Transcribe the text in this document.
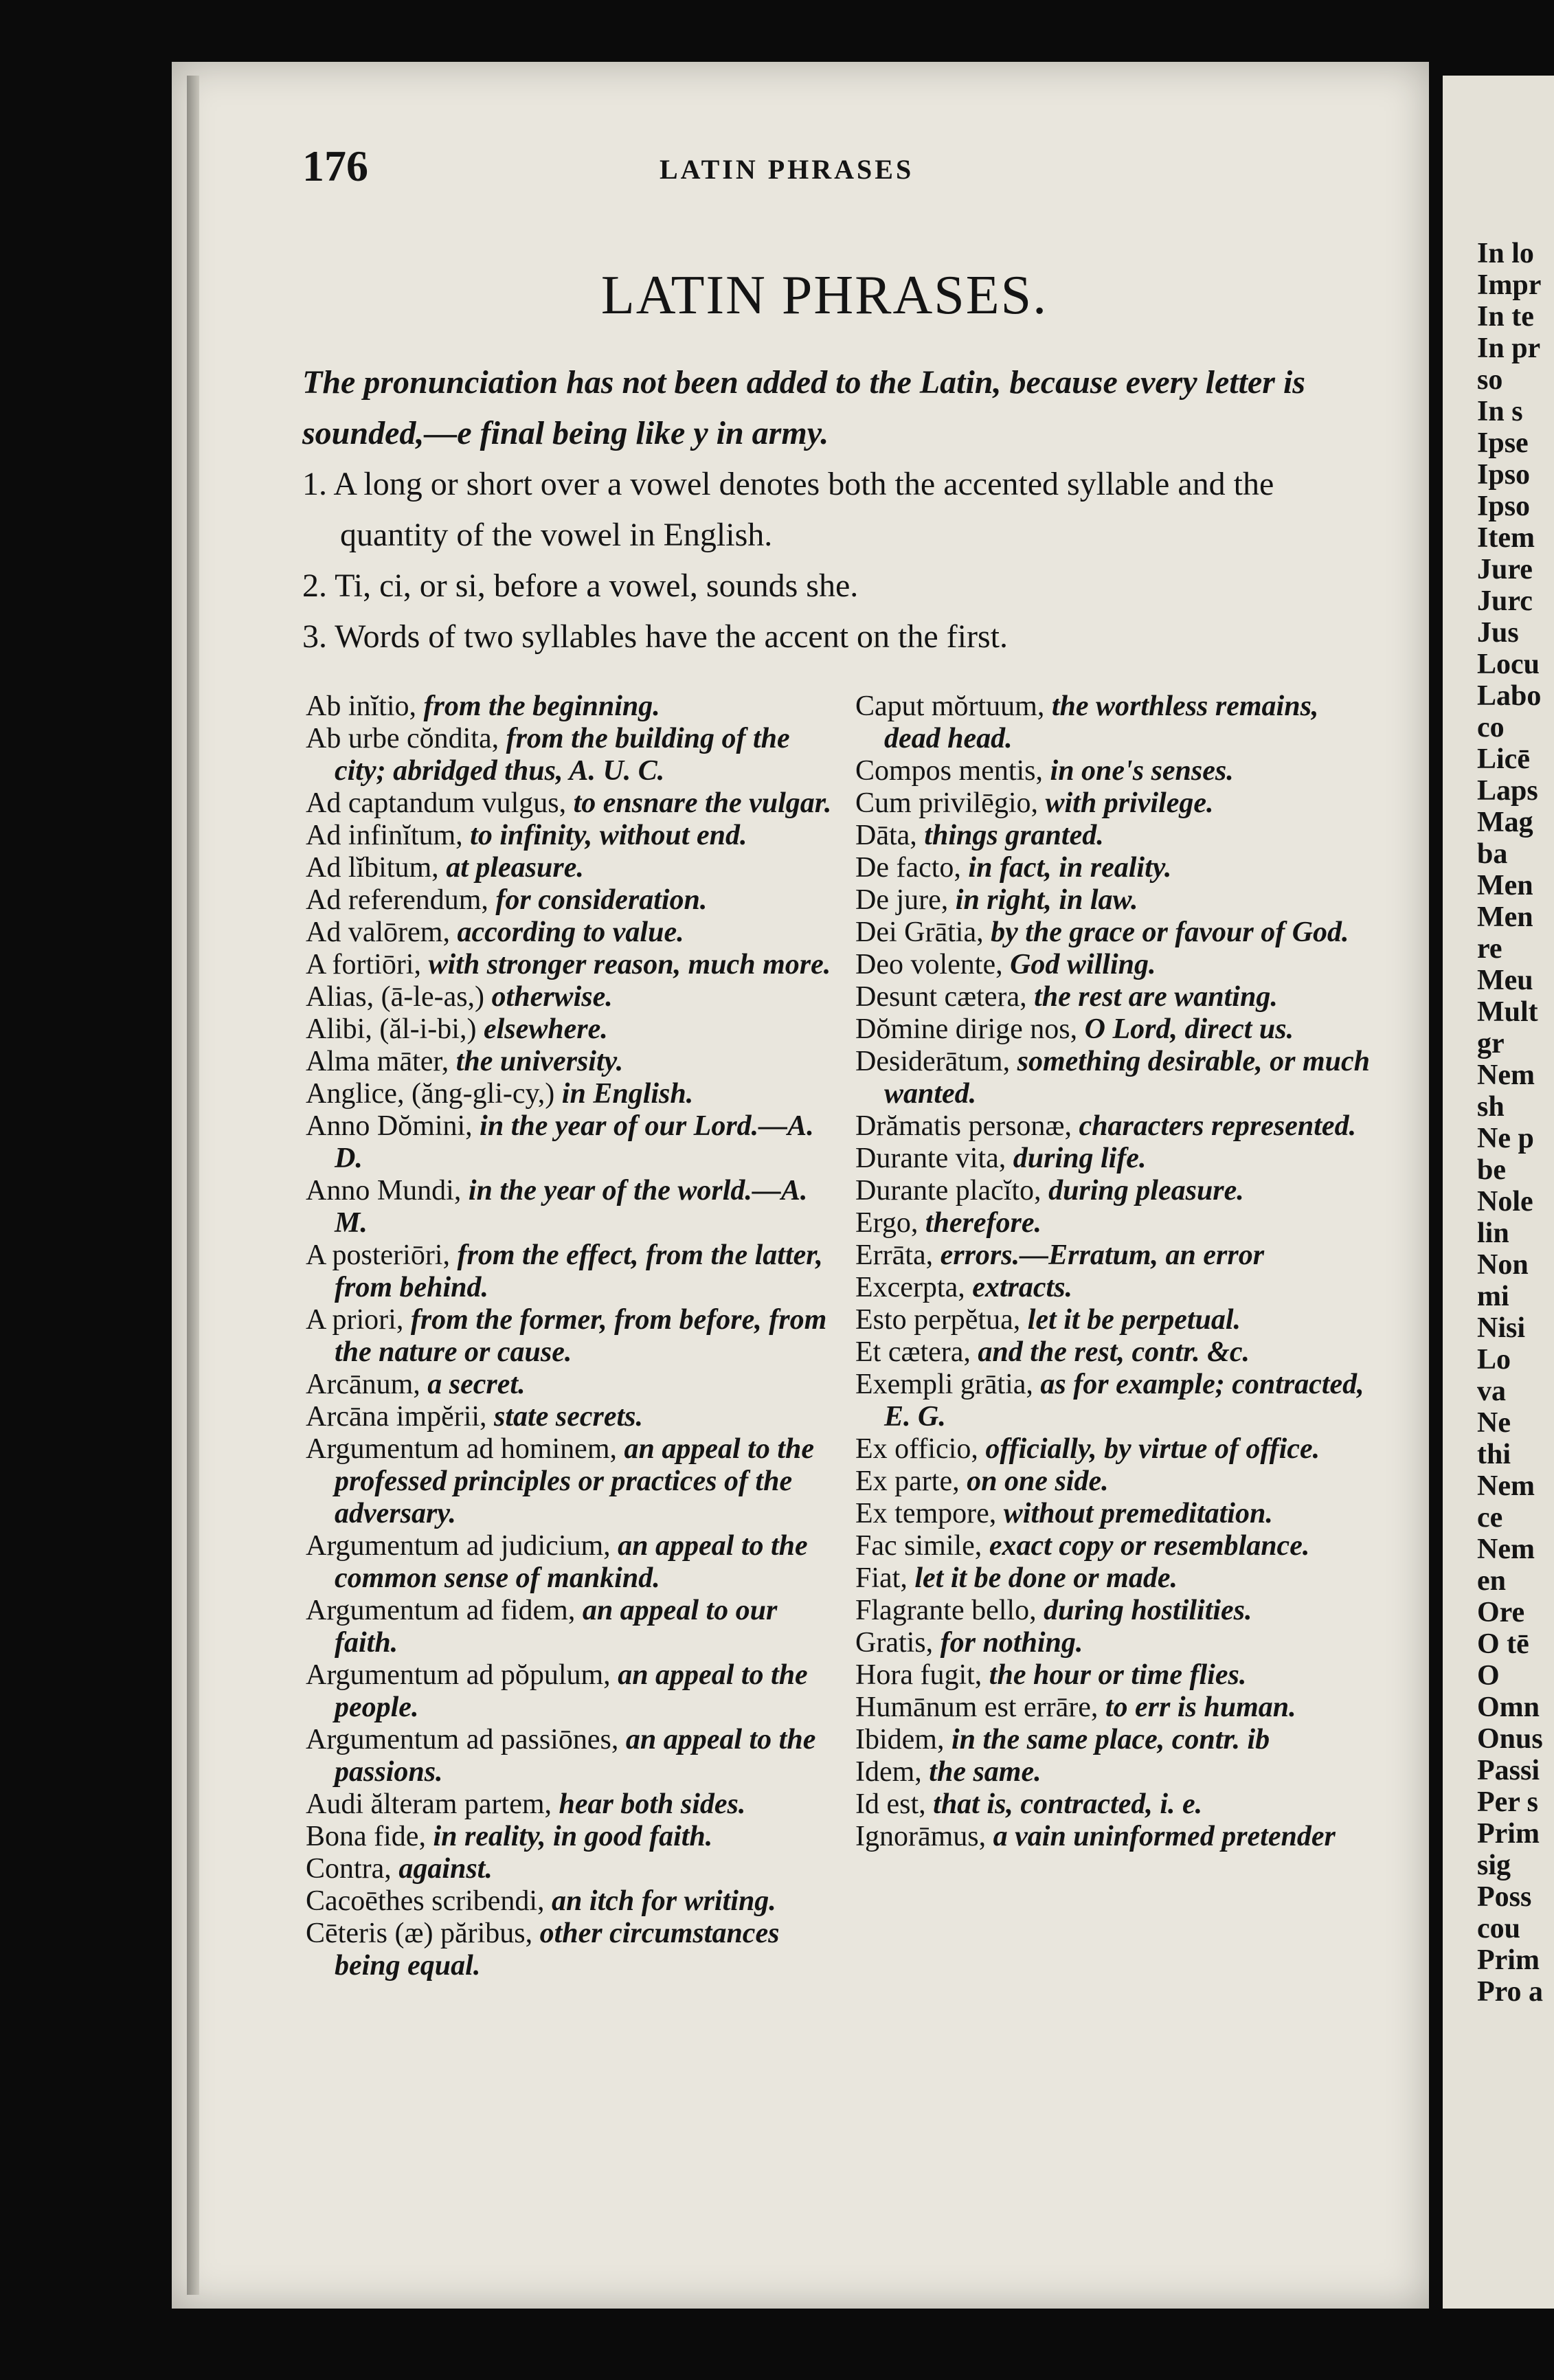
176	LATIN PHRASES
LATIN PHRASES.

The pronunciation has not been added to the Latin, because every letter is sounded,—e final being like y in army.

1. A long or short over a vowel denotes both the accented syllable and the quantity of the vowel in English.

2. Ti, ci, or si, before a vowel, sounds she.

3. Words of two syllables have the accent on the first.

Ab inĭtio, from the beginning.
Ab urbe cŏndita, from the building of the city; abridged thus, A. U. C.
Ad captandum vulgus, to ensnare the vulgar.
Ad infinĭtum, to infinity, without end.
Ad lĭbitum, at pleasure.
Ad referendum, for consideration.
Ad valōrem, according to value.
A fortiōri, with stronger reason, much more.
Alias, (ā-le-as,) otherwise.
Alibi, (ăl-i-bi,) elsewhere.
Alma māter, the university.
Anglice, (ăng-gli-cy,) in English.
Anno Dŏmini, in the year of our Lord.—A. D.
Anno Mundi, in the year of the world.—A. M.
A posteriōri, from the effect, from the latter, from behind.
A priori, from the former, from before, from the nature or cause.
Arcānum, a secret.
Arcāna impĕrii, state secrets.
Argumentum ad hominem, an appeal to the professed principles or practices of the adversary.
Argumentum ad judicium, an appeal to the common sense of mankind.
Argumentum ad fidem, an appeal to our faith.
Argumentum ad pŏpulum, an appeal to the people.
Argumentum ad passiōnes, an appeal to the passions.
Audi ălteram partem, hear both sides.
Bona fide, in reality, in good faith.
Contra, against.
Cacoēthes scribendi, an itch for writing.
Cēteris (æ) păribus, other circumstances being equal.
Caput mŏrtuum, the worthless remains, dead head.
Compos mentis, in one's senses.
Cum privilēgio, with privilege.
Dāta, things granted.
De facto, in fact, in reality.
De jure, in right, in law.
Dei Grātia, by the grace or favour of God.
Deo volente, God willing.
Desunt cætera, the rest are wanting.
Dŏmine dirige nos, O Lord, direct us.
Desiderātum, something desirable, or much wanted.
Drămatis personæ, characters represented.
Durante vita, during life.
Durante placĭto, during pleasure.
Ergo, therefore.
Errāta, errors.—Erratum, an error
Excerpta, extracts.
Esto perpĕtua, let it be perpetual.
Et cætera, and the rest, contr. &c.
Exempli grātia, as for example; contracted, E. G.
Ex officio, officially, by virtue of office.
Ex parte, on one side.
Ex tempore, without premeditation.
Fac simile, exact copy or resemblance.
Fiat, let it be done or made.
Flagrante bello, during hostilities.
Gratis, for nothing.
Hora fugit, the hour or time flies.
Humānum est errāre, to err is human.
Ibidem, in the same place, contr. ib
Idem, the same.
Id est, that is, contracted, i. e.
Ignorāmus, a vain uninformed pretender
In lo
Impr
In te
In pr
so
In s
Ipse
Ipso
Ipso
Item
Jure
Jurc
Jus
Locu
Labo
co
Licē
Laps
Mag
ba
Men
Men
re
Meu
Mult
gr
Nem
sh
Ne p
be
Nole
lin
Non
mi
Nisi
Lo
va
Ne
thi
Nem
ce
Nem
en
Ore
O tē
O
Omn
Onus
Passi
Per s
Prim
sig
Poss
cou
Prim
Pro a
